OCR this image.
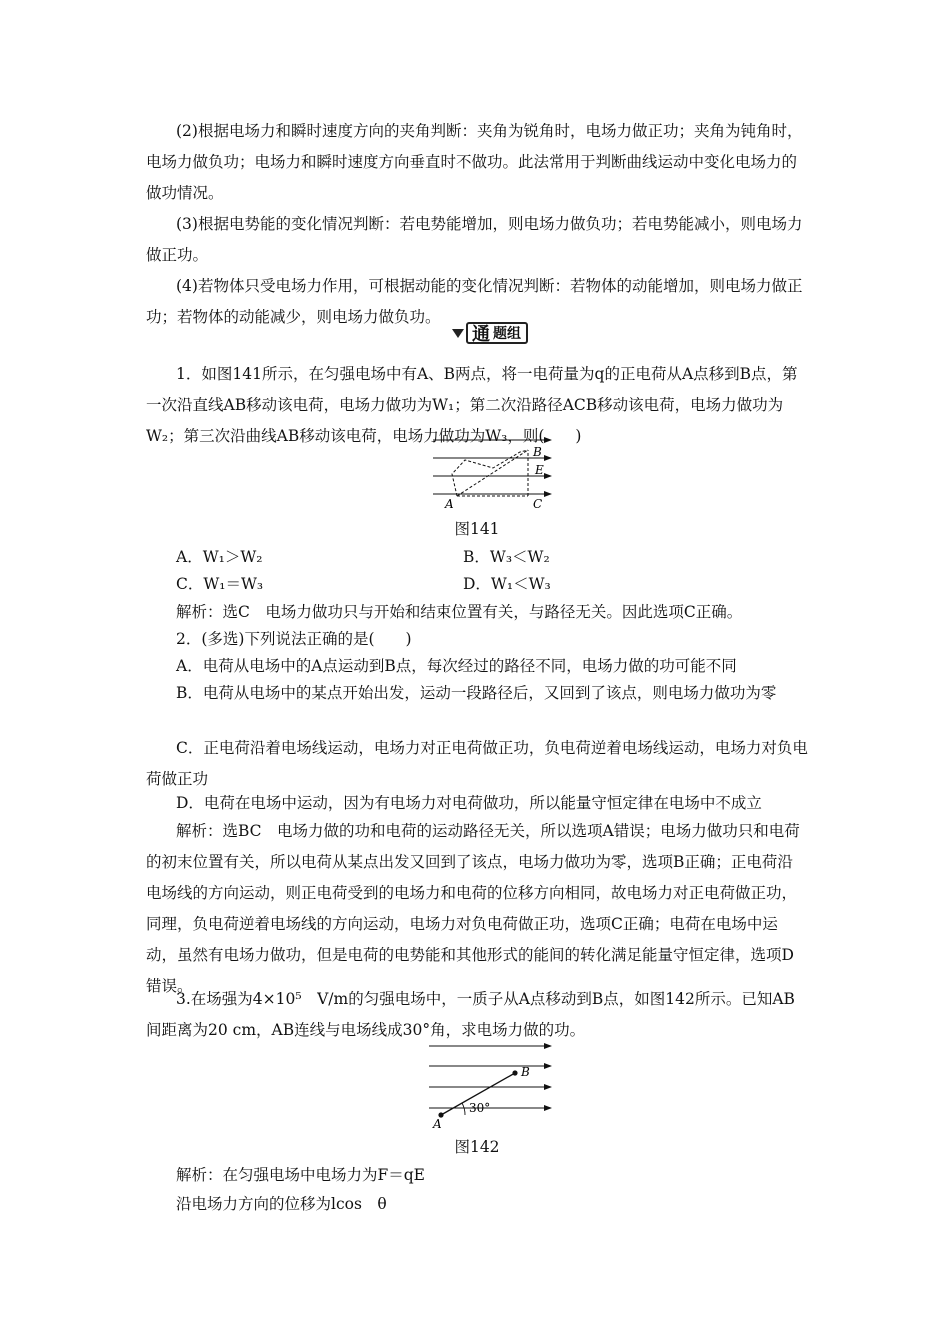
(2)根据电场力和瞬时速度方向的夹角判断：夹角为锐角时，电场力做正功；夹角为钝角时，电场力做负功；电场力和瞬时速度方向垂直时不做功。此法常用于判断曲线运动中变化电场力的做功情况。

(3)根据电势能的变化情况判断：若电势能增加，则电场力做负功；若电势能减小，则电场力做正功。

(4)若物体只受电场力作用，可根据动能的变化情况判断：若物体的动能增加，则电场力做正功；若物体的动能减少，则电场力做负功。

通 题组

1．如图141所示，在匀强电场中有A、B两点，将一电荷量为q的正电荷从A点移到B点，第一次沿直线AB移动该电荷，电场力做功为W₁；第二次沿路径ACB移动该电荷，电场力做功为W₂；第三次沿曲线AB移动该电荷，电场力做功为W₃，则(　　)

A
B
C
E

图141

A．W₁＞W₂	B．W₃＜W₂
C．W₁＝W₃	D．W₁＜W₃

解析：选C　电场力做功只与开始和结束位置有关，与路径无关。因此选项C正确。

2．(多选)下列说法正确的是(　　)

A．电荷从电场中的A点运动到B点，每次经过的路径不同，电场力做的功可能不同

B．电荷从电场中的某点开始出发，运动一段路径后，又回到了该点，则电场力做功为零

C．正电荷沿着电场线运动，电场力对正电荷做正功，负电荷逆着电场线运动，电场力对负电荷做正功

D．电荷在电场中运动，因为有电场力对电荷做功，所以能量守恒定律在电场中不成立

解析：选BC　电场力做的功和电荷的运动路径无关，所以选项A错误；电场力做功只和电荷的初末位置有关，所以电荷从某点出发又回到了该点，电场力做功为零，选项B正确；正电荷沿电场线的方向运动，则正电荷受到的电场力和电荷的位移方向相同，故电场力对正电荷做正功，同理，负电荷逆着电场线的方向运动，电场力对负电荷做正功，选项C正确；电荷在电场中运动，虽然有电场力做功，但是电荷的电势能和其他形式的能间的转化满足能量守恒定律，选项D错误。

3.在场强为4×10⁵　V/m的匀强电场中，一质子从A点移动到B点，如图142所示。已知AB间距离为20 cm，AB连线与电场线成30°角，求电场力做的功。

A
B
30°

图142

解析：在匀强电场中电场力为F＝qE

沿电场力方向的位移为lcos　θ
